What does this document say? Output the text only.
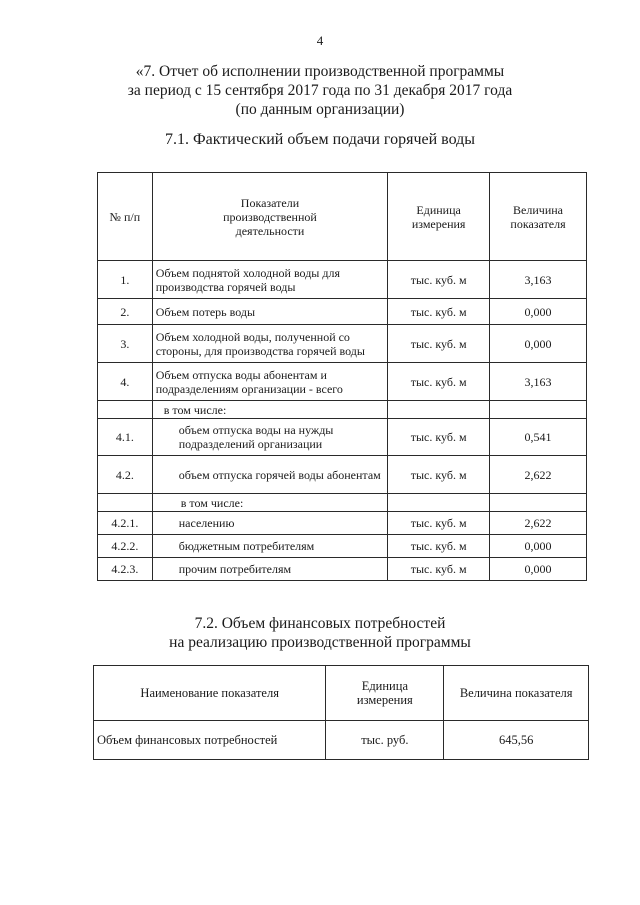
4
«7. Отчет об исполнении производственной программы
за период с 15 сентября 2017 года по 31 декабря 2017 года
(по данным организации)
7.1. Фактический объем подачи горячей воды
№ п/п	Показатели производственной деятельности	Единица измерения	Величина показателя

1.	Объем поднятой холодной воды для производства горячей воды	тыс. куб. м	3,163
2.	Объем потерь воды	тыс. куб. м	0,000
3.	Объем холодной воды, полученной со стороны, для производства горячей воды	тыс. куб. м	0,000
4.	Объем отпуска воды абонентам и подразделениям организации - всего	тыс. куб. м	3,163
	в том числе:		
4.1.	объем отпуска воды на нужды подразделений организации	тыс. куб. м	0,541
4.2.	объем отпуска горячей воды абонентам	тыс. куб. м	2,622
	в том числе:		
4.2.1.	населению	тыс. куб. м	2,622
4.2.2.	бюджетным потребителям	тыс. куб. м	0,000
4.2.3.	прочим потребителям	тыс. куб. м	0,000
7.2. Объем финансовых потребностей
на реализацию производственной программы
Наименование показателя	Единица измерения	Величина показателя
Объем финансовых потребностей	тыс. руб.	645,56
